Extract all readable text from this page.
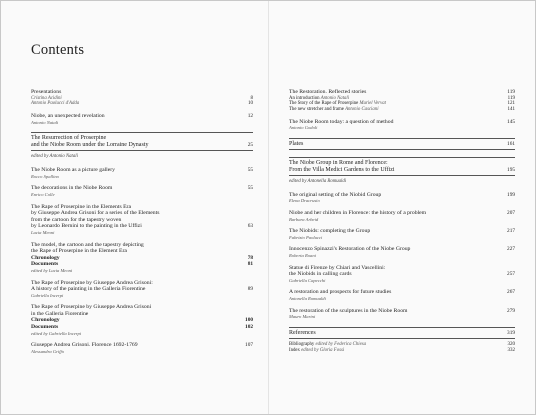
Contents
Presentations
Cristina Acidini	8
Antonio Paolucci d'Adda	10
Niobe, an unexpected revelation	12
Antonio Natali
The Resurrection of Proserpine
and the Niobe Room under the Lorraine Dynasty	25
edited by Antonio Natali
The Niobe Room as a picture gallery	55
Rocco Spallino
The decorations in the Niobe Room	55
Enrico Colle
The Rape of Proserpine in the Elements Era
by Giuseppe Andrea Grisoni for a series of the Elements
from the cartoon for the tapestry woven
by Leonardo Bernini to the painting in the Uffizi	63
Lucia Meoni
The model, the cartoon and the tapestry depicting
the Rape of Proserpine in the Element Era
Chronology	78
Documents	81
edited by Lucia Meoni
The Rape of Proserpine by Giuseppe Andrea Grisoni:
A history of the painting in the Galleria Fiorentine	89
Gabriella Incerpi
The Rape of Proserpine by Giuseppe Andrea Grisoni
in the Galleria Fiorentine
Chronology	100
Documents	102
edited by Gabriella Incerpi
Giuseppe Andrea Grisoni. Florence 1692-1769	107
Alessandra Griffo
The Restoration. Reflected stories	119
An introduction Antonio Natali	119
The Story of the Rape of Proserpine Muriel Vervat	121
The new stretcher and frame Antonio Casciani	141
The Niobe Room today: a question of method	145
Antonio Godoli
Plates	161
The Niobe Group in Rome and Florence:
From the Villa Medici Gardens to the Uffizi	195
edited by Antonella Romualdi
The original setting of the Niobid Group	199
Elena Dracrusio
Niobe and her children in Florence: the history of a problem	207
Barbara Arbeid
The Niobids: completing the Group	217
Fabrizio Paolucci
Innocenzo Spinazzi's Restoration of the Niobe Group	227
Roberta Roani
Statue di Firenze by Chiari and Vascellini:
the Niobids in calling cards	257
Gabriella Capecchi
A restoration and prospects for future studies	267
Antonella Romualdi
The restoration of the sculptures in the Niobe Room	279
Mauro Marini
References	319
Bibliography edited by Federica Chiesa	320
Index edited by Gloria Fossi	332
